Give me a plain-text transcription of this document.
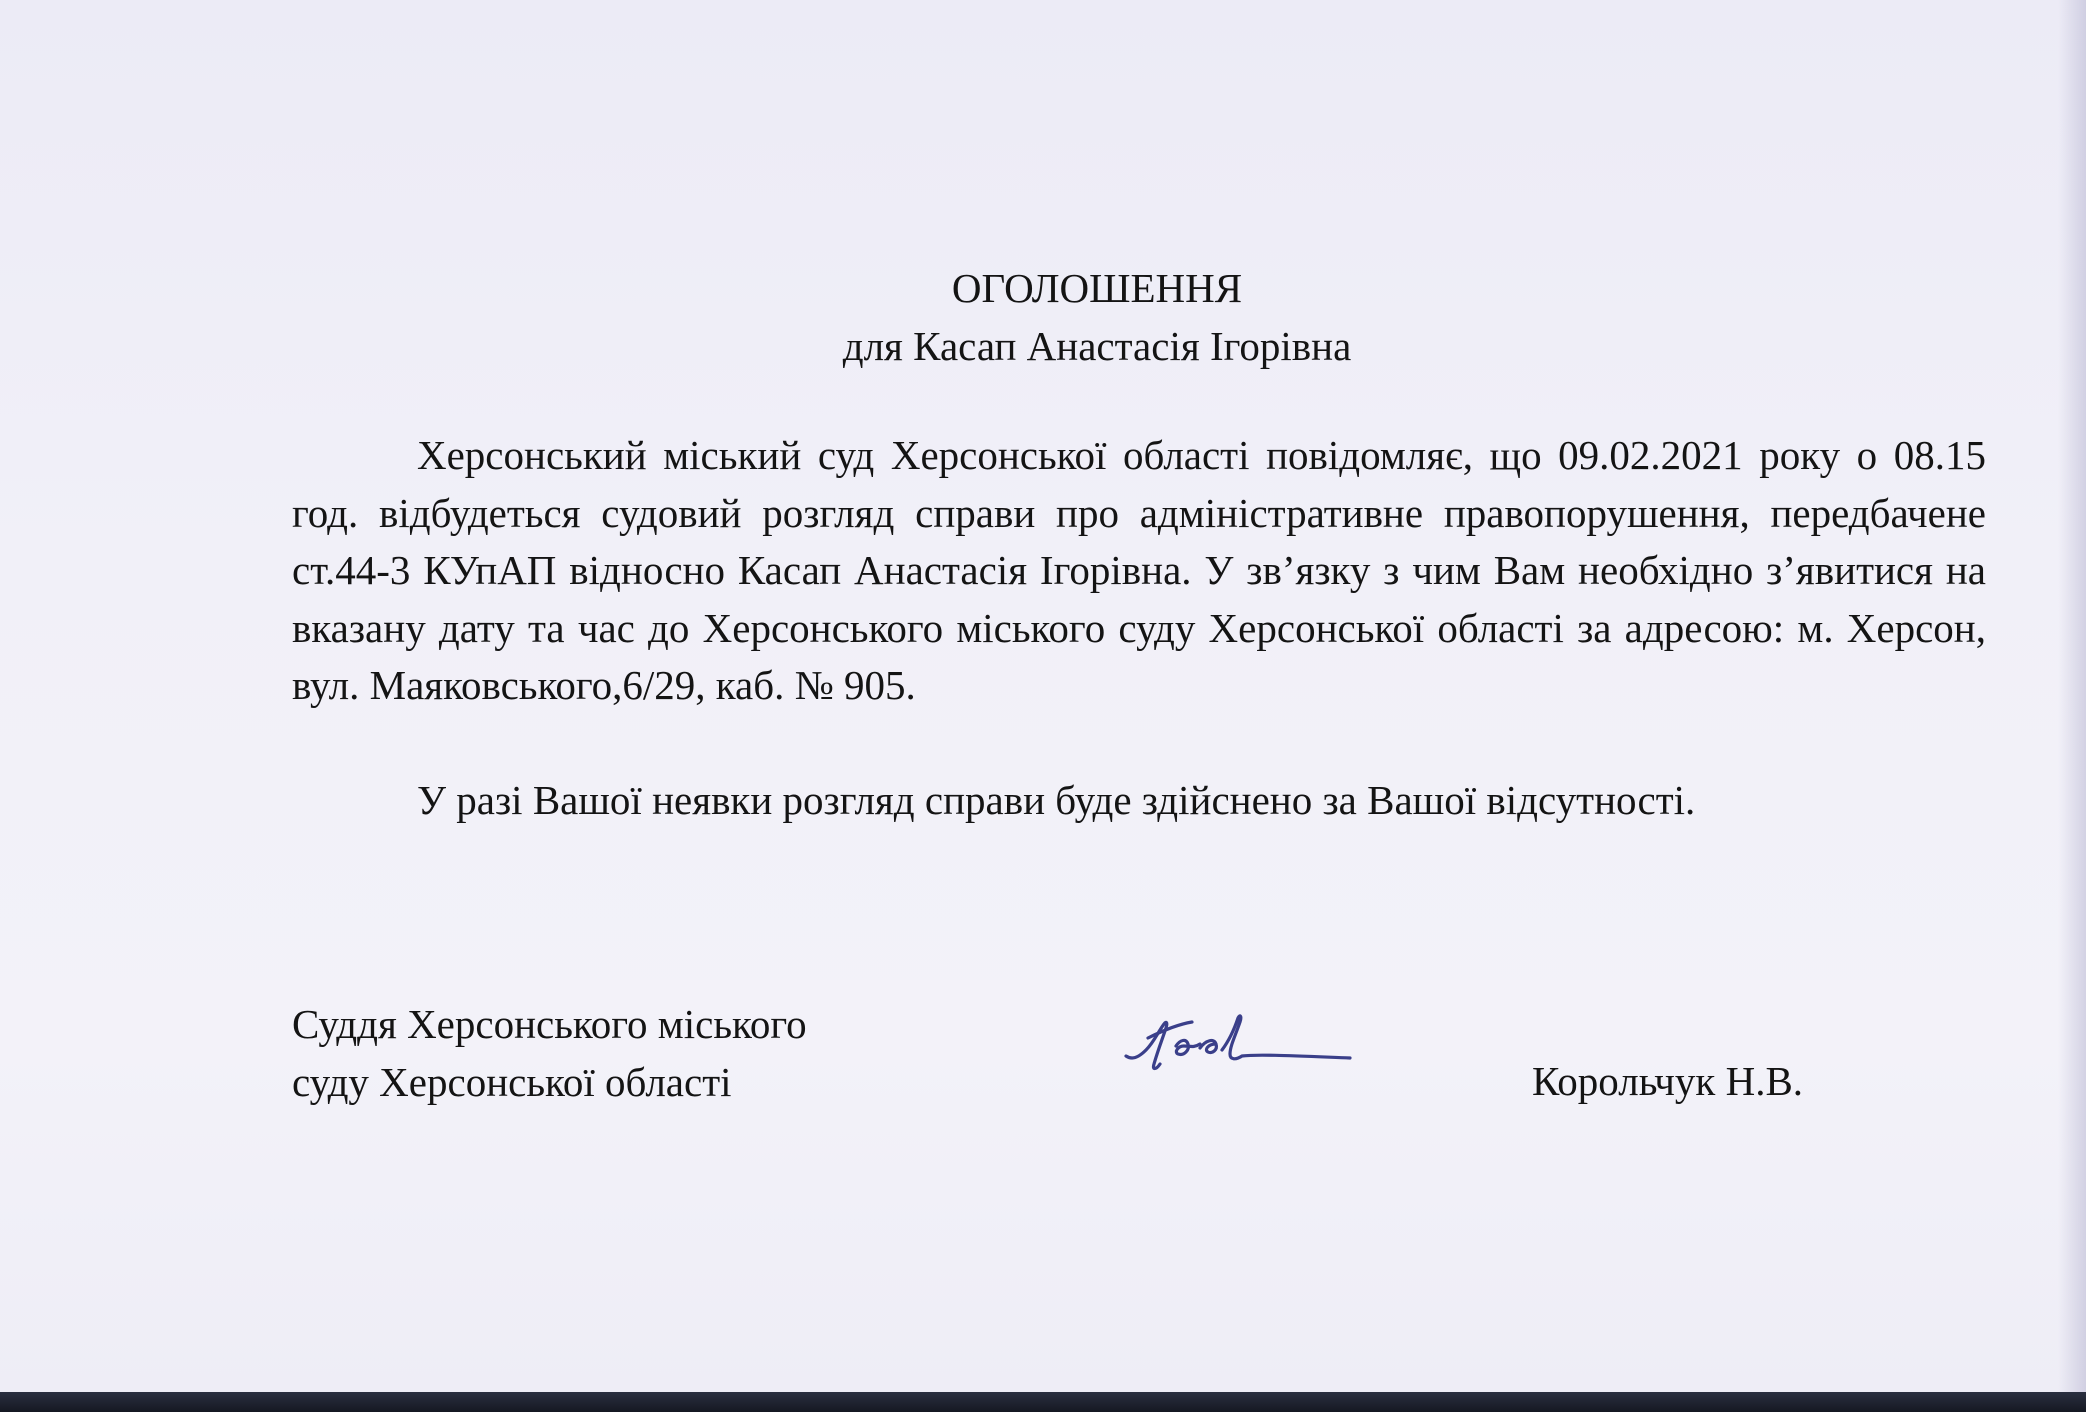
ОГОЛОШЕННЯ
для Касап Анастасія Ігорівна

Херсонський міський суд Херсонської області повідомляє, що 09.02.2021 року о 08.15 год. відбудеться судовий розгляд справи про адміністративне правопорушення, передбачене ст.44-3 КУпАП відносно Касап Анастасія Ігорівна. У зв’язку з чим Вам необхідно з’явитися на вказану дату та час до Херсонського міського суду Херсонської області за адресою: м. Херсон, вул. Маяковського,6/29, каб. № 905.

У разі Вашої неявки розгляд справи буде здійснено за Вашої відсутності.

Суддя Херсонського міського
суду Херсонської області	Корольчук Н.В.
